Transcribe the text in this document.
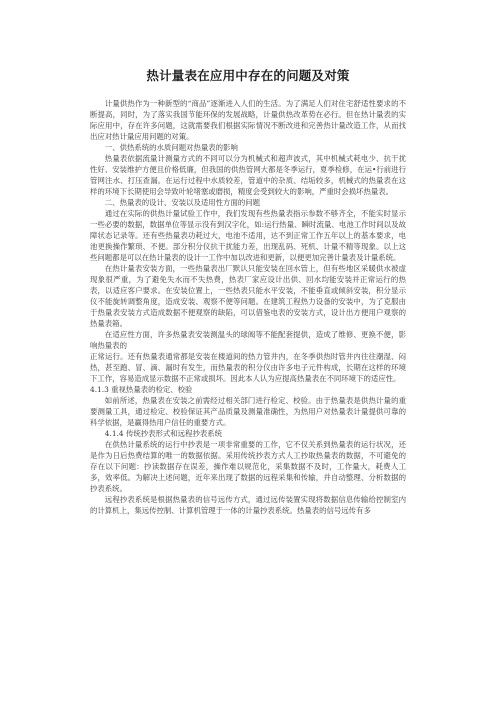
热计量表在应用中存在的问题及对策

计量供热作为一种新型的“商品”逐渐进入人们的生活。为了满足人们对住宅舒适性要求的不断提高，同时，为了落实我国节能环保的发展战略，计量供热改革势在必行。但在热计量表的实际应用中，存在许多问题，这就需要我们根据实际情况不断改进和完善热计量改造工作，从而找出应对热计量应用问题的对策。

一、供热系统的水质问题对热量表的影响

热量表依据流量计测量方式的不同可以分为机械式和超声波式，其中机械式耗电少、抗干扰性好、安装维护方便且价格低廉，但我国的供热管网大都是冬季运行，夏季检修，在运•行前进行管网注水、打压查漏。在运行过程中水质较差，管道中的杂质、结垢较多，机械式的热量表在这样的环境下长期使用会导致叶轮堵塞或磨损，精度会受到较大的影响，严重时会损坏热量表。

二、热量表的设计、安装以及适用性方面的问题

通过在实际的供热计量试验工作中，我们发现有些热量表指示参数不够齐全，不能实时显示一些必要的数据，数据单位等显示没有到汉字化，如:运行热量、瞬时流量、电池工作时间以及故障状态记录等。还有些热量表功耗过大，电池不适用，达不到正常工作五年以上的基本要求，电池更换操作繁琐、不便。部分积分仪抗干扰能力差，出现乱码、死机、计量不精等现象。以上这些问题都是可以在热计量表的设计一工作中加以改进和更新，以便更加完善计量表及计量系统。

在热计量表安装方面，一些热量表出厂默认只能安装在回水管上，但有些地区采暖供水被虚现象很严重，为了避免失水而不失热费，热表厂家应设计出供、回水均能安装并正常运行的热表，以适应客户要求。在安装位置上，一些热表只能水平安装，不能垂直或倾斜安装，积分显示仪不能旋转调整角度，造成安装、观察不便等问题。在建筑工程热力设备的安装中，为了克服由于热量表安装方式造成数据不便观察的缺陷，可以借鉴电表的安装方式，设计出方便用户观察的热量表箱。

在适应性方面，许多热量表安装测温头的球阀等不能配套提供，造成了维修、更换不便，影响热量表的

正常运行。还有热量表通常都是安装在楼道间的热力管井内，在冬季供热时管井内往往潮湿、闷热，甚至跑、冒、滴、漏时有发生，而热量表的积分仪由许多电子元件构成，长期在这样的环境下工作，容易造成显示数据不正常或损坏。因此本人认为应提高热量表在不同环境下的适应性。

4.1.3 重视热量表的检定、校验

如前所述，热量表在安装之前需经过相关部门进行检定、校验。由于热量表是供热计量的重要测量工具，通过检定、校验保证其产品质量及测量准确性，为热用户对热量表计量提供可靠的科学依据，是赢得热用户信任的重要方式。

4.1.4 传统抄表形式和远程抄表系统

在供热计量系统的运行中抄表是一项非常重要的工作，它不仅关系到热量表的运行状况，还是作为日后热费结算的唯一的数据依据。采用传统抄表方式人工抄取热量表的数据，不可避免的存在以下问题：抄读数据存在误差，操作难以规范化，采集数据不及时，工作量大，耗费人工多，效率低。为解决上述问题，近年来出现了数据的远程采集和传输，并自动整理、分析数据的抄表系统。

远程抄表系统是根据热量表的信号远传方式，通过远传装置实现将数据信息传输给控制室内的计算机上，集远传控制、计算机管理于一体的计量抄表系统。热量表的信号远传有多
